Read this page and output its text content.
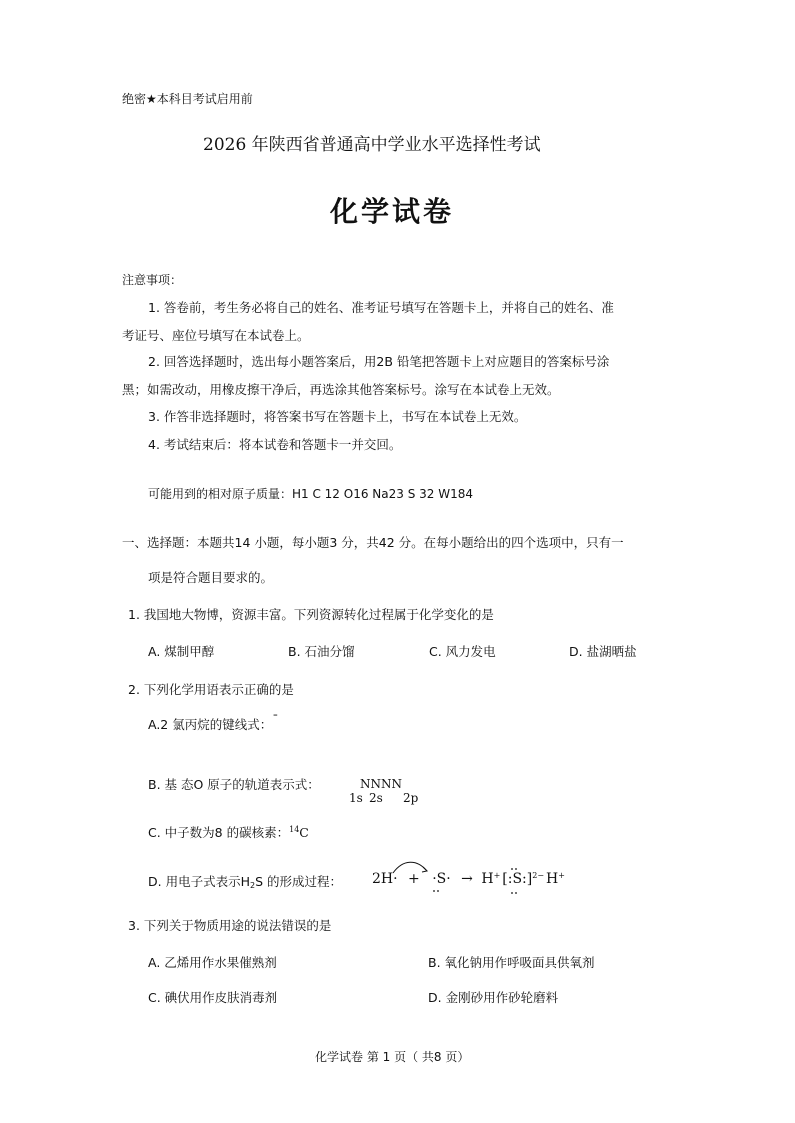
绝密★本科目考试启用前
2026 年陕西省普通高中学业水平选择性考试
化学试卷
注意事项：
1. 答卷前，考生务必将自己的姓名、准考证号填写在答题卡上，并将自己的姓名、准
考证号、座位号填写在本试卷上。
2. 回答选择题时，选出每小题答案后，用2B 铅笔把答题卡上对应题目的答案标号涂
黑；如需改动，用橡皮擦干净后，再选涂其他答案标号。涂写在本试卷上无效。
3. 作答非选择题时，将答案书写在答题卡上，书写在本试卷上无效。
4. 考试结束后：将本试卷和答题卡一并交回。
可能用到的相对原子质量：H1 C 12 O16 Na23 S 32 W184
一、选择题：本题共14 小题，每小题3 分，共42 分。在每小题给出的四个选项中，只有一
项是符合题目要求的。
1. 我国地大物博，资源丰富。下列资源转化过程属于化学变化的是
A. 煤制甲醇	B. 石油分馏	C. 风力发电	D. 盐湖晒盐
2. 下列化学用语表示正确的是
A.2 氯丙烷的键线式：¯
B. 基 态O 原子的轨道表示式：	NNNN
1s 2s 2p
C. 中子数为8 的碳核素：$^{14}$C
D. 用电子式表示$H_2S$ 的形成过程： 2H· + ·S· → H+ [:S:]$^{2-}$ H+
3. 下列关于物质用途的说法错误的是
A. 乙烯用作水果催熟剂	B. 氧化钠用作呼吸面具供氧剂
C. 碘伏用作皮肤消毒剂	D. 金刚砂用作砂轮磨料
化学试卷 第 1 页（ 共8 页）
